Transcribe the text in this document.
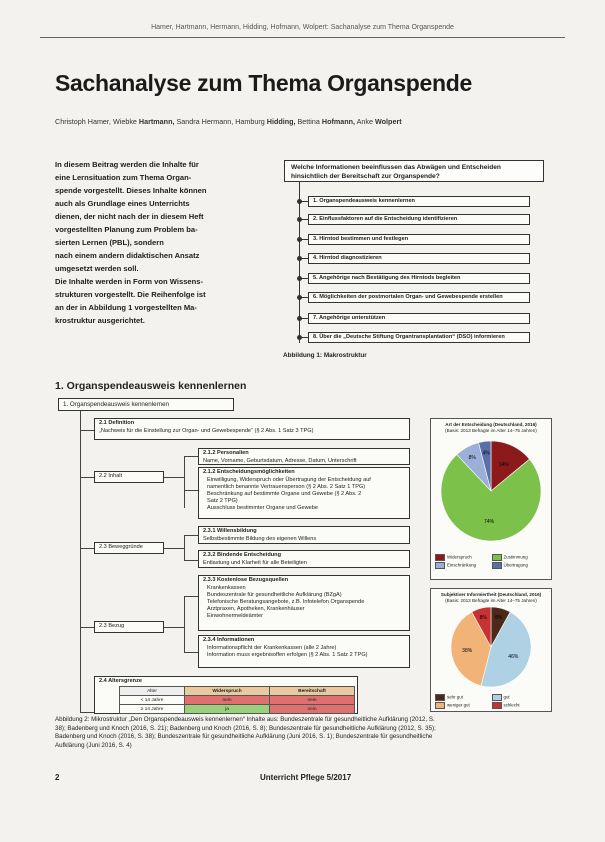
Hamer, Hartmann, Hermann, Hidding, Hofmann, Wolpert: Sachanalyse zum Thema Organspende
Sachanalyse zum Thema Organspende
Christoph Hamer, Wiebke Hartmann, Sandra Hermann, Hamburg Hidding, Bettina Hofmann, Anke Wolpert
In diesem Beitrag werden die Inhalte für
eine Lernsituation zum Thema Organ-
spende vorgestellt. Dieses Inhalte können
auch als Grundlage eines Unterrichts
dienen, der nicht nach der in diesem Heft
vorgestellten Planung zum Problem ba-
sierten Lernen (PBL), sondern
nach einem andern didaktischen Ansatz
umgesetzt werden soll.
Die Inhalte werden in Form von Wissens-
strukturen vorgestellt. Die Reihenfolge ist
an der in Abbildung 1 vorgestellten Ma-
krostruktur ausgerichtet.
Welche Informationen beeinflussen das Abwägen und Entscheiden hinsichtlich der Bereitschaft zur Organspende?
1. Organspendeausweis kennenlernen
2. Einflussfaktoren auf die Entscheidung identifizieren
3. Hirntod bestimmen und festlegen
4. Hirntod diagnostizieren
5. Angehörige nach Bestätigung des Hirntods begleiten
6. Möglichkeiten der postmortalen Organ- und Gewebespende erstellen
7. Angehörige unterstützen
8. Über die „Deutsche Stiftung Organtransplantation“ (DSO) informieren
Abbildung 1: Makrostruktur
1. Organspendeausweis kennenlernen
1. Organspendeausweis kennenlernen
2.1 Definition
„Nachweis für die Einstellung zur Organ- und Gewebespende“ (§ 2 Abs. 1 Satz 3 TPG)
2.2 Inhalt
2.1.2 Personalien
Name, Vorname, Geburtsdatum, Adresse, Datum, Unterschrift
2.1.2 Entscheidungsmöglichkeiten
Einwilligung, Widerspruch oder Übertragung der Entscheidung auf
namentlich benannte Vertrauensperson (§ 2 Abs. 2 Satz 1 TPG)
Beschränkung auf bestimmte Organe und Gewebe (§ 2 Abs. 2
Satz 2 TPG)
Ausschluss bestimmter Organe und Gewebe
2.3 Beweggründe
2.3.1 Willensbildung
Selbstbestimmte Bildung des eigenen Willens
2.3.2 Bindende Entscheidung
Entlastung und Klarheit für alle Beteiligten
2.3 Bezug
2.3.3 Kostenlose Bezugsquellen
Krankenkassen
Bundeszentrale für gesundheitliche Aufklärung (BZgA)
Telefonische Beratungsangebote, z.B. Infotelefon Organspende
Arztpraxen, Apotheken, Krankenhäuser
Einwohnermeldeämter
2.3.4 Informationen
Informationspflicht der Krankenkassen (alle 2 Jahre)
Information muss ergebnisoffen erfolgen (§ 2 Abs. 1 Satz 2 TPG)
2.4 Altersgrenze
Alter	Widerspruch	Bereitschaft
< 14 Jahre	nein	nein
≥ 14 Jahre	ja	nein
Art der Entscheidung (Deutschland, 2016)
(Basis: 2013 Befragte im Alter 14–75 Jahren)
14%
74%
8%
4%
Widerspruch	Zustimmung
Einschränkung	Übertragung
Subjektiver Informiertheit (Deutschland, 2016)
(Basis: 2013 Befragte im Alter 14–75 Jahren)
8%
46%
38%
8%
sehr gut	gut
weniger gut	schlecht
Abbildung 2: Mikrostruktur „Den Organspendeausweis kennenlernen“ Inhalte aus: Bundeszentrale für gesundheitliche Aufklärung (2012, S.
38); Badenberg und Knoch (2016, S. 21); Badenberg und Knoch (2016, S. 8); Bundeszentrale für gesundheitliche Aufklärung (2012, S. 35);
Badenberg und Knoch (2016, S. 38); Bundeszentrale für gesundheitliche Aufklärung (Juni 2016, S. 1); Bundeszentrale für gesundheitliche
Aufklärung (Juni 2016, S. 4)
2	Unterricht Pflege 5/2017
